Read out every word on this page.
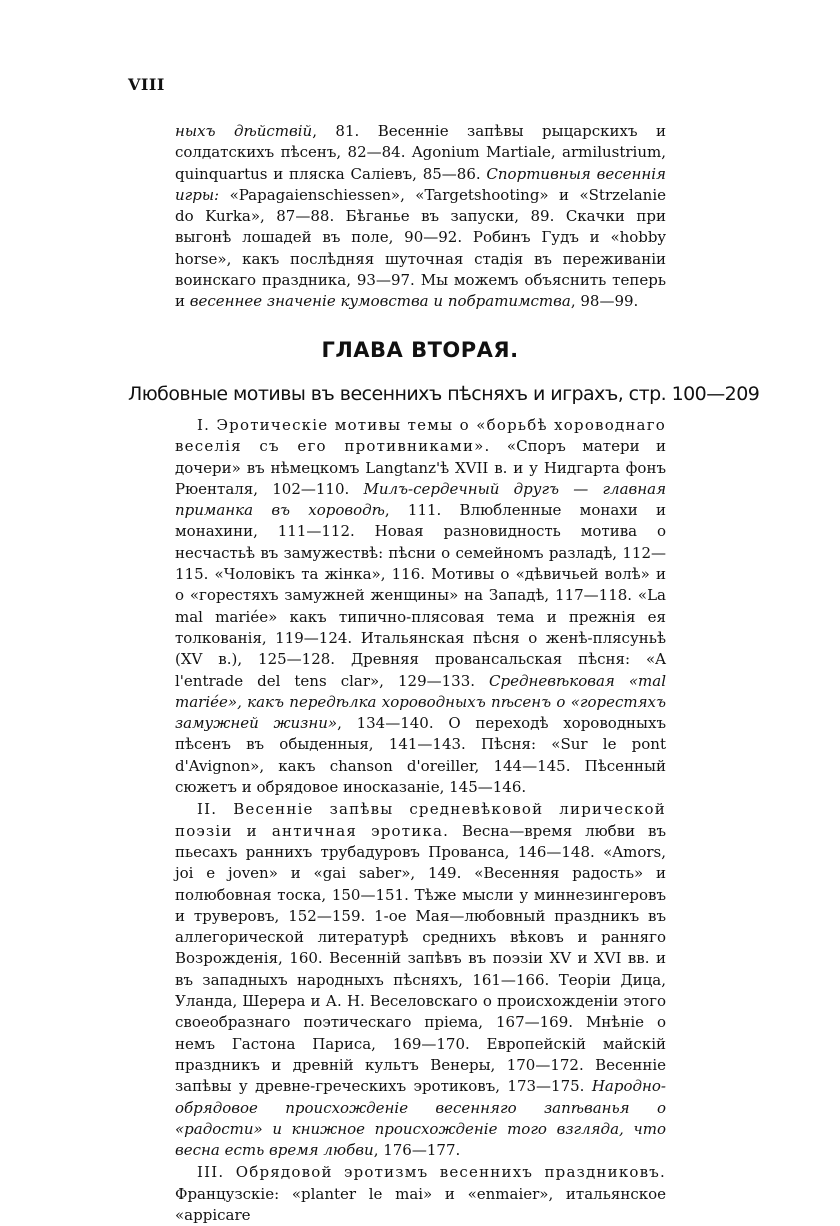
VIII

ныхъ дѣйствій, 81. Весеннiе запѣвы рыцарскихъ и солдатскихъ пѣсенъ, 82—84. Agonium Martiale, armilustrium, quinquartus и пляска Салiевъ, 85—86. Спортивныя весеннія игры: «Papagaienschiessen», «Targetshooting» и «Strzelanie do Kurka», 87—88. Бѣганье въ запуски, 89. Скачки при выгонѣ лошадей въ поле, 90—92. Робинъ Гудъ и «hobby horse», какъ послѣдняя шуточная стадія въ переживанiи воинскаго праздника, 93—97. Мы можемъ объяснить теперь и весеннее значеніе кумовства и побратимства, 98—99.

ГЛАВА ВТОРАЯ.
Любовные мотивы въ весеннихъ пѣсняхъ и играхъ, стр. 100—209

I. Эротическiе мотивы темы о «борьбѣ хороводнаго веселiя съ его противниками». «Споръ матери и дочери» въ нѣмецкомъ Langtanz'ѣ XVII в. и у Нидгарта фонъ Рюенталя, 102—110. Милъ-сердечный другъ — главная приманка въ хороводѣ, 111. Влюбленные монахи и монахини, 111—112. Новая разновидность мотива о несчастьѣ въ замужествѣ: пѣсни о семейномъ разладѣ, 112—115. «Чоловiкъ та жiнка», 116. Мотивы о «дѣвичьей волѣ» и о «горестяхъ замужней женщины» на Западѣ, 117—118. «La mal mariée» какъ типично-плясовая тема и прежнiя ея толкованiя, 119—124. Итальянская пѣсня о женѣ-плясуньѣ (XV в.), 125—128. Древняя провансальская пѣсня: «A l'entrade del tens clar», 129—133. Средневѣковая «mal mariée», какъ передѣлка хороводныхъ пѣсенъ о «горестяхъ замужней жизни», 134—140. О переходѣ хороводныхъ пѣсенъ въ обыденныя, 141—143. Пѣсня: «Sur le pont d'Avignon», какъ chanson d'oreiller, 144—145. Пѣсенный сюжетъ и обрядовое иносказанiе, 145—146.

II. Весеннiе запѣвы средневѣковой лирической поэзiи и античная эротика. Весна—время любви въ пьесахъ раннихъ трубадуровъ Прованса, 146—148. «Amors, joi e joven» и «gai saber», 149. «Весенняя радость» и полюбовная тоска, 150—151. Тѣже мысли у миннезингеровъ и труверовъ, 152—159. 1-ое Мая—любовный праздникъ въ аллегорической литературѣ среднихъ вѣковъ и ранняго Возрожденiя, 160. Весеннiй запѣвъ въ поэзiи XV и XVI вв. и въ западныхъ народныхъ пѣсняхъ, 161—166. Теорiи Дица, Уланда, Шерера и А. Н. Веселовскаго о происхожденiи этого своеобразнаго поэтическаго прiема, 167—169. Мнѣнiе о немъ Гастона Париса, 169—170. Европейскiй майскiй праздникъ и древнiй культъ Венеры, 170—172. Весеннiе запѣвы у древне-греческихъ эротиковъ, 173—175. Народно-обрядовое происхожденіе весенняго запѣванья о «радости» и книжное происхожденіе того взгляда, что весна есть время любви, 176—177.

III. Обрядовой эротизмъ весеннихъ праздниковъ. Французскiе: «planter le mai» и «enmaier», итальянское «appicare
